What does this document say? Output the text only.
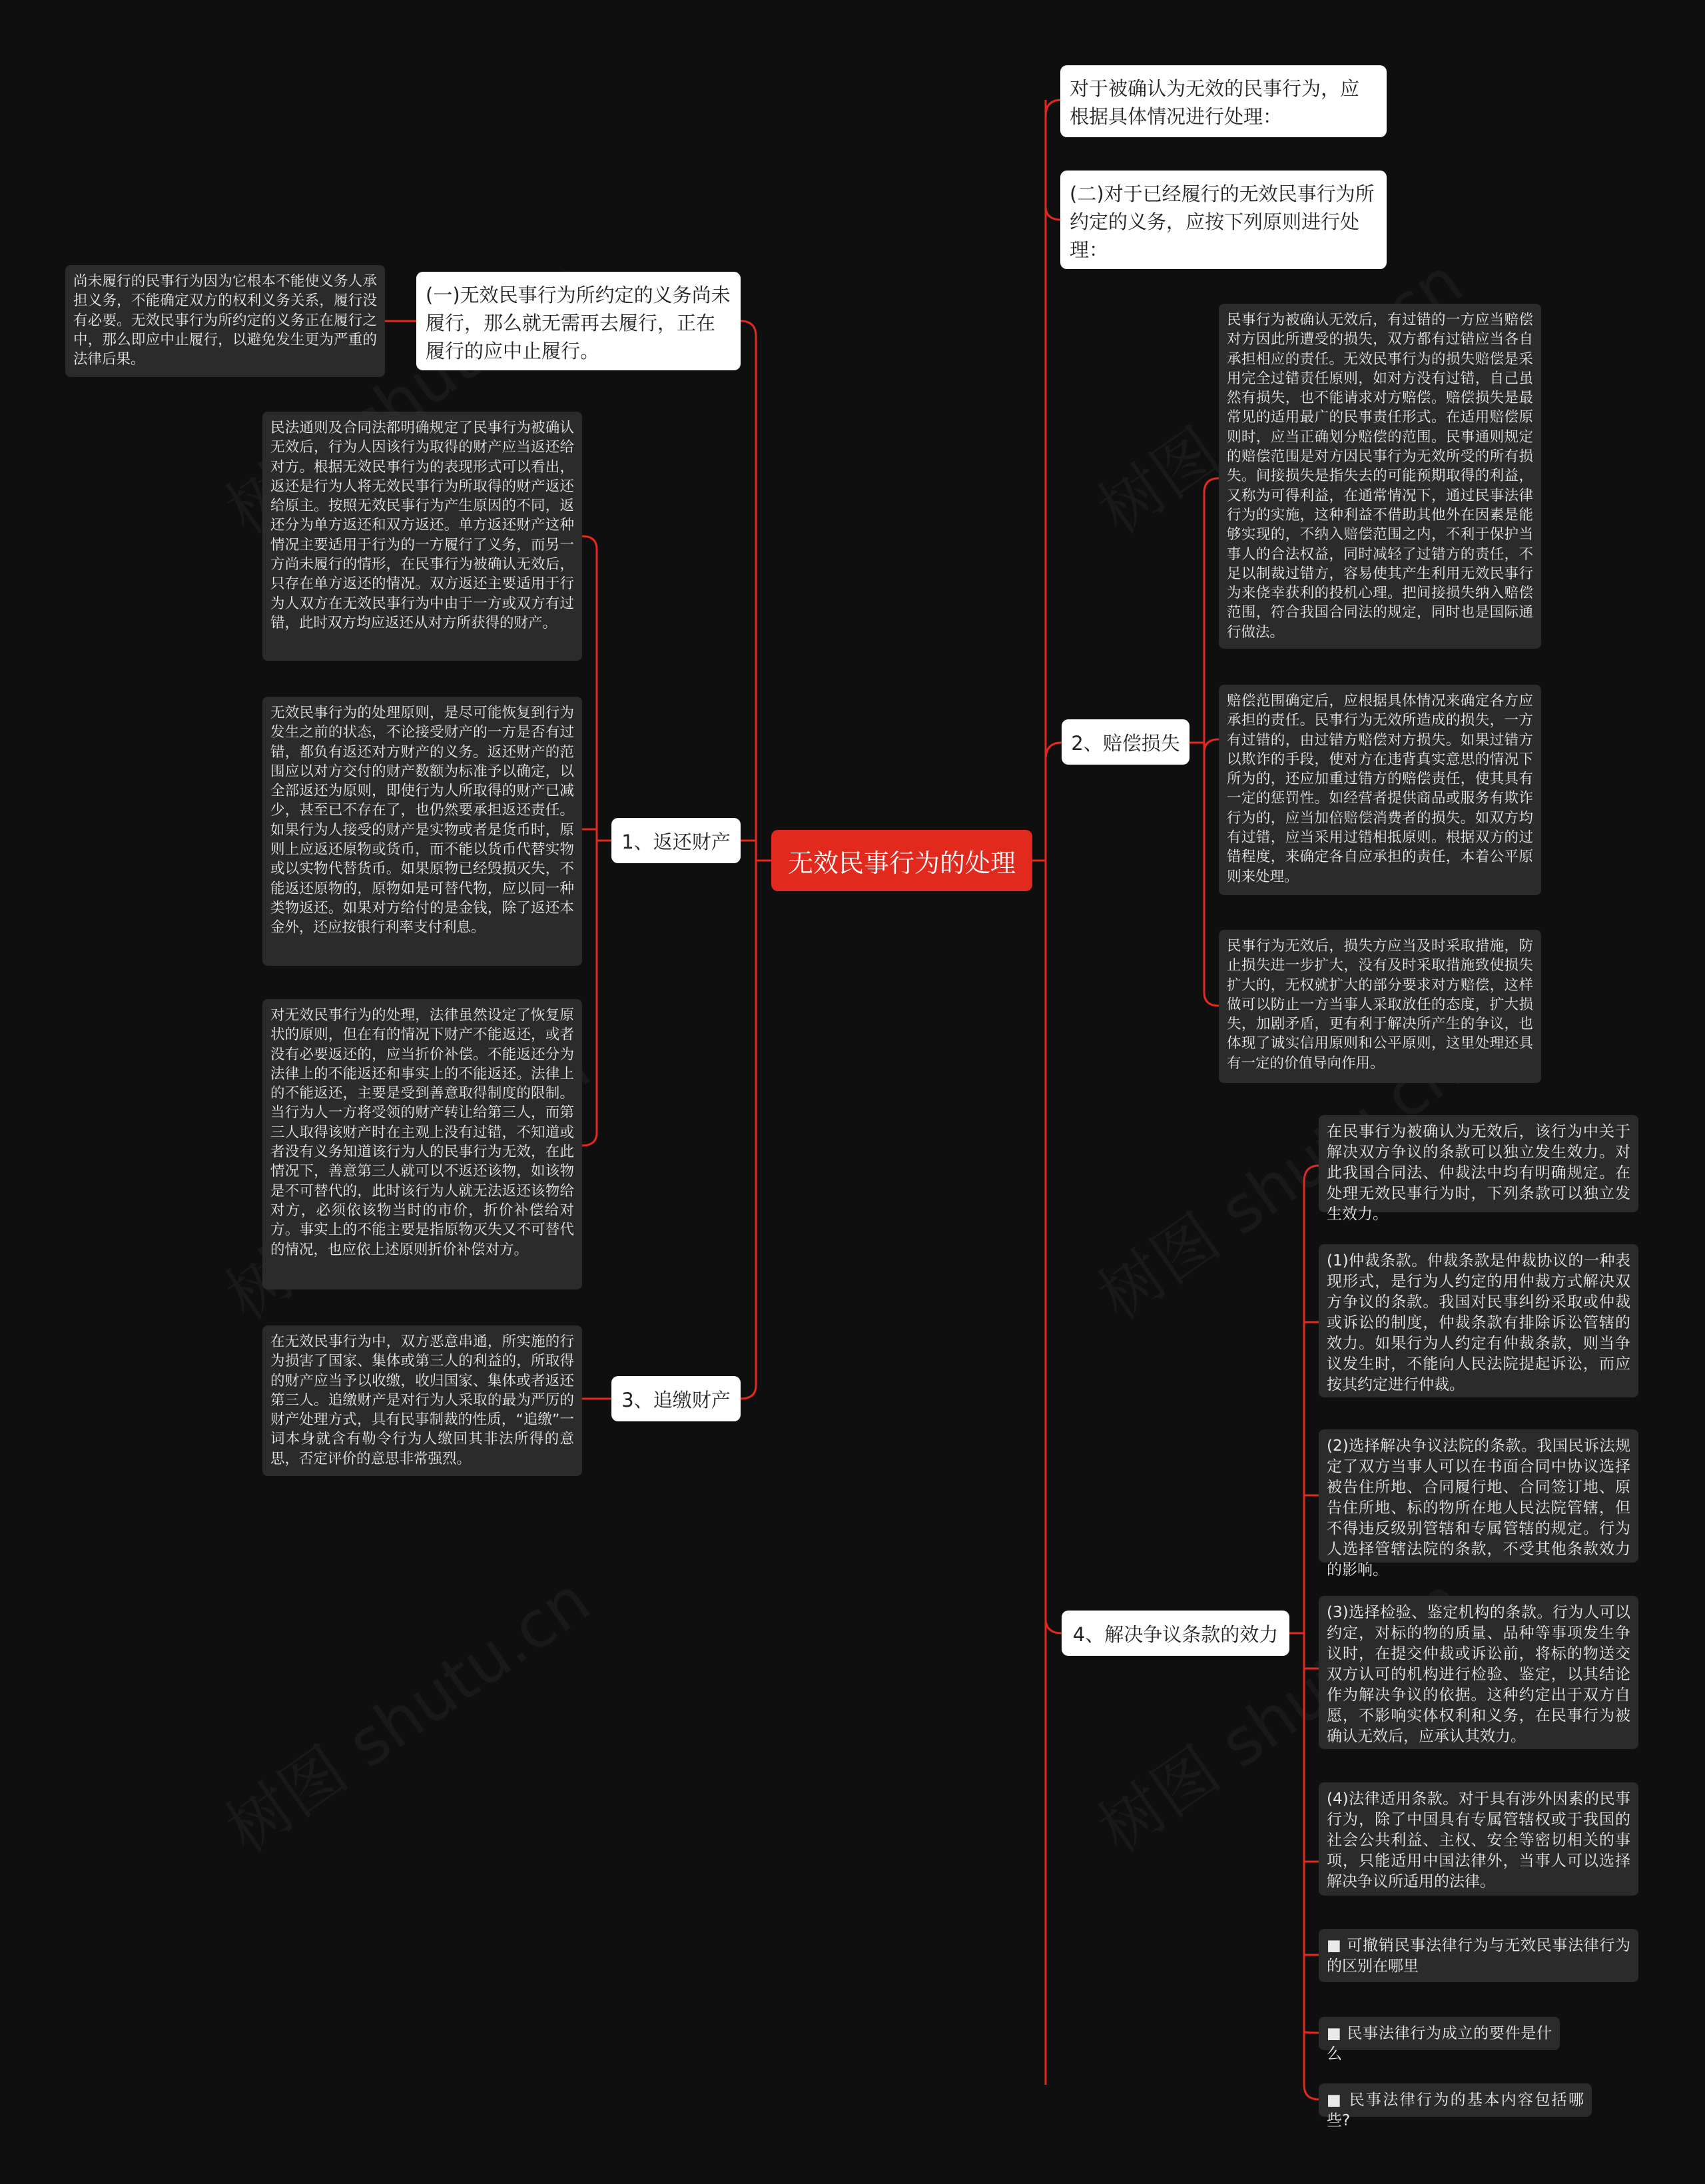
无效民事行为的处理
对于被确认为无效的民事行为，应根据具体情况进行处理：
(二)对于已经履行的无效民事行为所约定的义务，应按下列原则进行处理：
2、赔偿损失
民事行为被确认无效后，有过错的一方应当赔偿对方因此所遭受的损失，双方都有过错应当各自承担相应的责任。无效民事行为的损失赔偿是采用完全过错责任原则，如对方没有过错，自己虽然有损失，也不能请求对方赔偿。赔偿损失是最常见的适用最广的民事责任形式。在适用赔偿原则时，应当正确划分赔偿的范围。民事通则规定的赔偿范围是对方因民事行为无效所受的所有损失。间接损失是指失去的可能预期取得的利益，又称为可得利益，在通常情况下，通过民事法律行为的实施，这种利益不借助其他外在因素是能够实现的，不纳入赔偿范围之内，不利于保护当事人的合法权益，同时减轻了过错方的责任，不足以制裁过错方，容易使其产生利用无效民事行为来侥幸获利的投机心理。把间接损失纳入赔偿范围，符合我国合同法的规定，同时也是国际通行做法。
赔偿范围确定后，应根据具体情况来确定各方应承担的责任。民事行为无效所造成的损失，一方有过错的，由过错方赔偿对方损失。如果过错方以欺诈的手段，使对方在违背真实意思的情况下所为的，还应加重过错方的赔偿责任，使其具有一定的惩罚性。如经营者提供商品或服务有欺诈行为的，应当加倍赔偿消费者的损失。如双方均有过错，应当采用过错相抵原则。根据双方的过错程度，来确定各自应承担的责任，本着公平原则来处理。
民事行为无效后，损失方应当及时采取措施，防止损失进一步扩大，没有及时采取措施致使损失扩大的，无权就扩大的部分要求对方赔偿，这样做可以防止一方当事人采取放任的态度，扩大损失，加剧矛盾，更有利于解决所产生的争议，也体现了诚实信用原则和公平原则，这里处理还具有一定的价值导向作用。
4、解决争议条款的效力
在民事行为被确认为无效后，该行为中关于解决双方争议的条款可以独立发生效力。对此我国合同法、仲裁法中均有明确规定。在处理无效民事行为时，下列条款可以独立发生效力。
(1)仲裁条款。仲裁条款是仲裁协议的一种表现形式，是行为人约定的用仲裁方式解决双方争议的条款。我国对民事纠纷采取或仲裁或诉讼的制度，仲裁条款有排除诉讼管辖的效力。如果行为人约定有仲裁条款，则当争议发生时，不能向人民法院提起诉讼，而应按其约定进行仲裁。
(2)选择解决争议法院的条款。我国民诉法规定了双方当事人可以在书面合同中协议选择被告住所地、合同履行地、合同签订地、原告住所地、标的物所在地人民法院管辖，但不得违反级别管辖和专属管辖的规定。行为人选择管辖法院的条款，不受其他条款效力的影响。
(3)选择检验、鉴定机构的条款。行为人可以约定，对标的物的质量、品种等事项发生争议时，在提交仲裁或诉讼前，将标的物送交双方认可的机构进行检验、鉴定，以其结论作为解决争议的依据。这种约定出于双方自愿，不影响实体权利和义务，在民事行为被确认无效后，应承认其效力。
(4)法律适用条款。对于具有涉外因素的民事行为，除了中国具有专属管辖权或于我国的社会公共利益、主权、安全等密切相关的事项，只能适用中国法律外，当事人可以选择解决争议所适用的法律。
■ 可撤销民事法律行为与无效民事法律行为的区别在哪里
■ 民事法律行为成立的要件是什么
■ 民事法律行为的基本内容包括哪些?
(一)无效民事行为所约定的义务尚未履行，那么就无需再去履行，正在履行的应中止履行。
尚未履行的民事行为因为它根本不能使义务人承担义务，不能确定双方的权利义务关系，履行没有必要。无效民事行为所约定的义务正在履行之中，那么即应中止履行，以避免发生更为严重的法律后果。
1、返还财产
民法通则及合同法都明确规定了民事行为被确认无效后，行为人因该行为取得的财产应当返还给对方。根据无效民事行为的表现形式可以看出，返还是行为人将无效民事行为所取得的财产返还给原主。按照无效民事行为产生原因的不同，返还分为单方返还和双方返还。单方返还财产这种情况主要适用于行为的一方履行了义务，而另一方尚未履行的情形，在民事行为被确认无效后，只存在单方返还的情况。双方返还主要适用于行为人双方在无效民事行为中由于一方或双方有过错，此时双方均应返还从对方所获得的财产。
无效民事行为的处理原则，是尽可能恢复到行为发生之前的状态，不论接受财产的一方是否有过错，都负有返还对方财产的义务。返还财产的范围应以对方交付的财产数额为标准予以确定，以全部返还为原则，即使行为人所取得的财产已减少，甚至已不存在了，也仍然要承担返还责任。如果行为人接受的财产是实物或者是货币时，原则上应返还原物或货币，而不能以货币代替实物或以实物代替货币。如果原物已经毁损灭失，不能返还原物的，原物如是可替代物，应以同一种类物返还。如果对方给付的是金钱，除了返还本金外，还应按银行利率支付利息。
对无效民事行为的处理，法律虽然设定了恢复原状的原则，但在有的情况下财产不能返还，或者没有必要返还的，应当折价补偿。不能返还分为法律上的不能返还和事实上的不能返还。法律上的不能返还，主要是受到善意取得制度的限制。当行为人一方将受领的财产转让给第三人，而第三人取得该财产时在主观上没有过错，不知道或者没有义务知道该行为人的民事行为无效，在此情况下，善意第三人就可以不返还该物，如该物是不可替代的，此时该行为人就无法返还该物给对方，必须依该物当时的市价，折价补偿给对方。事实上的不能主要是指原物灭失又不可替代的情况，也应依上述原则折价补偿对方。
3、追缴财产
在无效民事行为中，双方恶意串通，所实施的行为损害了国家、集体或第三人的利益的，所取得的财产应当予以收缴，收归国家、集体或者返还第三人。追缴财产是对行为人采取的最为严厉的财产处理方式，具有民事制裁的性质，“追缴”一词本身就含有勒令行为人缴回其非法所得的意思，否定评价的意思非常强烈。
